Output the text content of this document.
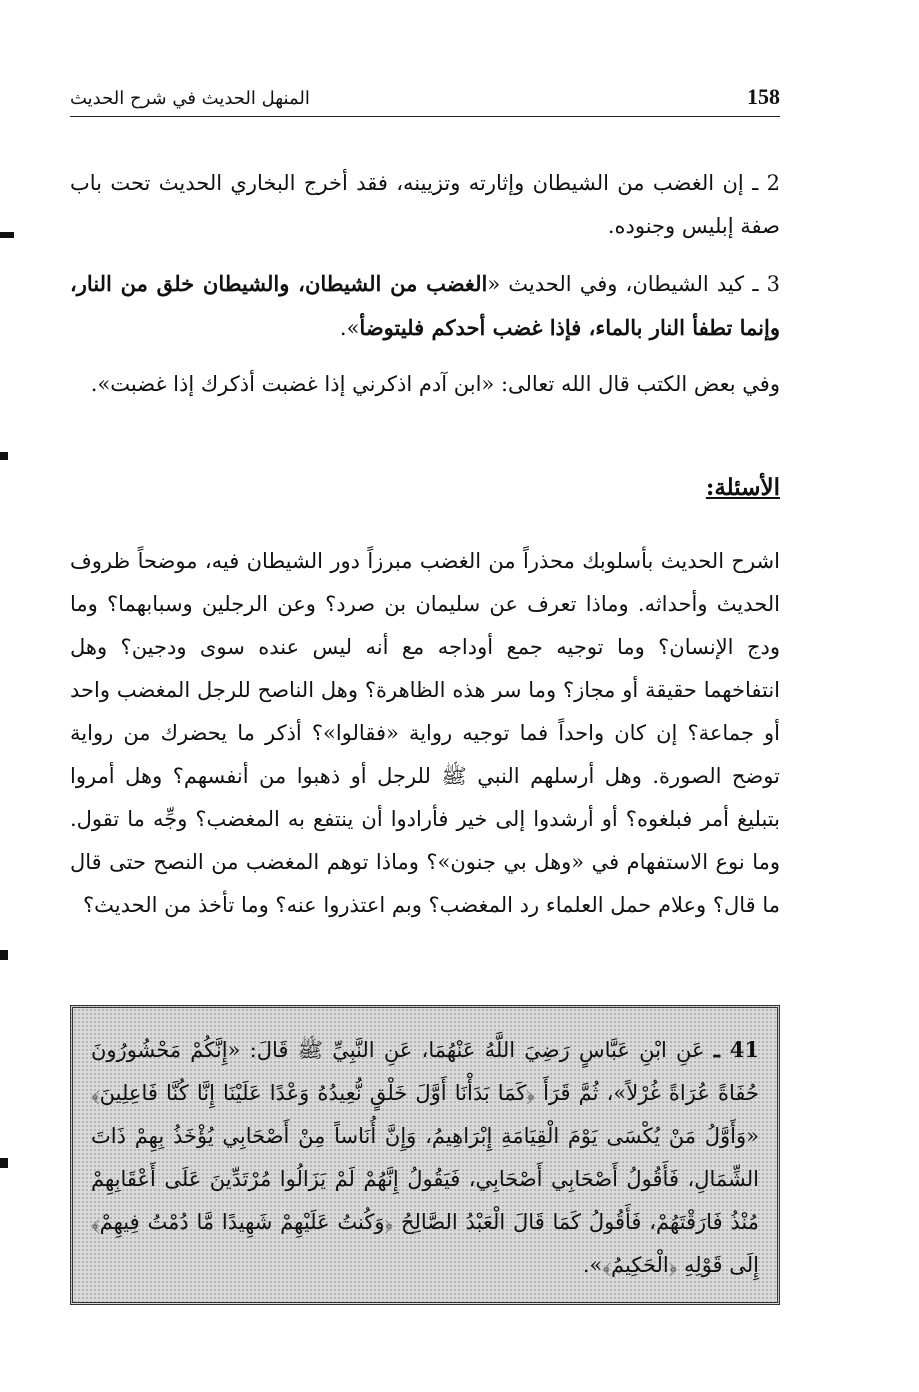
158
المنهل الحديث في شرح الحديث

2 ـ إن الغضب من الشيطان وإثارته وتزيينه، فقد أخرج البخاري الحديث تحت باب صفة إبليس وجنوده.

3 ـ كيد الشيطان، وفي الحديث «الغضب من الشيطان، والشيطان خلق من النار، وإنما تطفأ النار بالماء، فإذا غضب أحدكم فليتوضأ».

وفي بعض الكتب قال الله تعالى: «ابن آدم اذكرني إذا غضبت أذكرك إذا غضبت».

الأسئلة:

اشرح الحديث بأسلوبك محذراً من الغضب مبرزاً دور الشيطان فيه، موضحاً ظروف الحديث وأحداثه. وماذا تعرف عن سليمان بن صرد؟ وعن الرجلين وسبابهما؟ وما ودج الإنسان؟ وما توجيه جمع أوداجه مع أنه ليس عنده سوى ودجين؟ وهل انتفاخهما حقيقة أو مجاز؟ وما سر هذه الظاهرة؟ وهل الناصح للرجل المغضب واحد أو جماعة؟ إن كان واحداً فما توجيه رواية «فقالوا»؟ أذكر ما يحضرك من رواية توضح الصورة. وهل أرسلهم النبي ﷺ للرجل أو ذهبوا من أنفسهم؟ وهل أمروا بتبليغ أمر فبلغوه؟ أو أرشدوا إلى خير فأرادوا أن ينتفع به المغضب؟ وجِّه ما تقول. وما نوع الاستفهام في «وهل بي جنون»؟ وماذا توهم المغضب من النصح حتى قال ما قال؟ وعلام حمل العلماء رد المغضب؟ وبم اعتذروا عنه؟ وما تأخذ من الحديث؟

41 ـ عَنِ ابْنِ عَبَّاسٍ رَضِيَ اللَّهُ عَنْهُمَا، عَنِ النَّبِيِّ ﷺ قَالَ: «إِنَّكُمْ مَحْشُورُونَ حُفَاةً عُرَاةً غُرْلاً»، ثُمَّ قَرَأَ ﴿كَمَا بَدَأْنَا أَوَّلَ خَلْقٍ نُّعِيدُهُ وَعْدًا عَلَيْنَا إِنَّا كُنَّا فَاعِلِينَ﴾ «وَأَوَّلُ مَنْ يُكْسَى يَوْمَ الْقِيَامَةِ إِبْرَاهِيمُ، وَإِنَّ أُنَاساً مِنْ أَصْحَابِي يُؤْخَذُ بِهِمْ ذَاتَ الشِّمَالِ، فَأَقُولُ أَصْحَابِي أَصْحَابِي، فَيَقُولُ إِنَّهُمْ لَمْ يَزَالُوا مُرْتَدِّينَ عَلَى أَعْقَابِهِمْ مُنْذُ فَارَقْتَهُمْ، فَأَقُولُ كَمَا قَالَ الْعَبْدُ الصَّالِحُ ﴿وَكُنتُ عَلَيْهِمْ شَهِيدًا مَّا دُمْتُ فِيهِمْ﴾ إِلَى قَوْلِهِ ﴿الْحَكِيمُ﴾».
